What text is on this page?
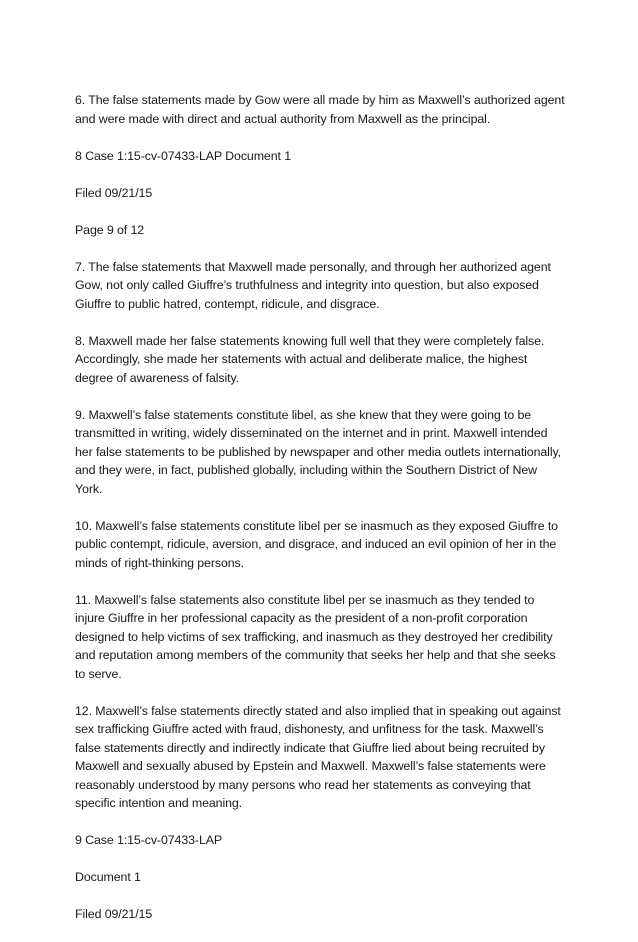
6. The false statements made by Gow were all made by him as Maxwell’s authorized agent and were made with direct and actual authority from Maxwell as the principal.

8 Case 1:15-cv-07433-LAP Document 1

Filed 09/21/15

Page 9 of 12

7. The false statements that Maxwell made personally, and through her authorized agent Gow, not only called Giuffre’s truthfulness and integrity into question, but also exposed Giuffre to public hatred, contempt, ridicule, and disgrace.

8. Maxwell made her false statements knowing full well that they were completely false. Accordingly, she made her statements with actual and deliberate malice, the highest degree of awareness of falsity.

9. Maxwell’s false statements constitute libel, as she knew that they were going to be transmitted in writing, widely disseminated on the internet and in print. Maxwell intended her false statements to be published by newspaper and other media outlets internationally, and they were, in fact, published globally, including within the Southern District of New York.

10. Maxwell’s false statements constitute libel per se inasmuch as they exposed Giuffre to public contempt, ridicule, aversion, and disgrace, and induced an evil opinion of her in the minds of right-thinking persons.

11. Maxwell’s false statements also constitute libel per se inasmuch as they tended to injure Giuffre in her professional capacity as the president of a non-profit corporation designed to help victims of sex trafficking, and inasmuch as they destroyed her credibility and reputation among members of the community that seeks her help and that she seeks to serve.

12. Maxwell’s false statements directly stated and also implied that in speaking out against sex trafficking Giuffre acted with fraud, dishonesty, and unfitness for the task. Maxwell’s false statements directly and indirectly indicate that Giuffre lied about being recruited by Maxwell and sexually abused by Epstein and Maxwell. Maxwell’s false statements were reasonably understood by many persons who read her statements as conveying that specific intention and meaning.

9 Case 1:15-cv-07433-LAP

Document 1

Filed 09/21/15
